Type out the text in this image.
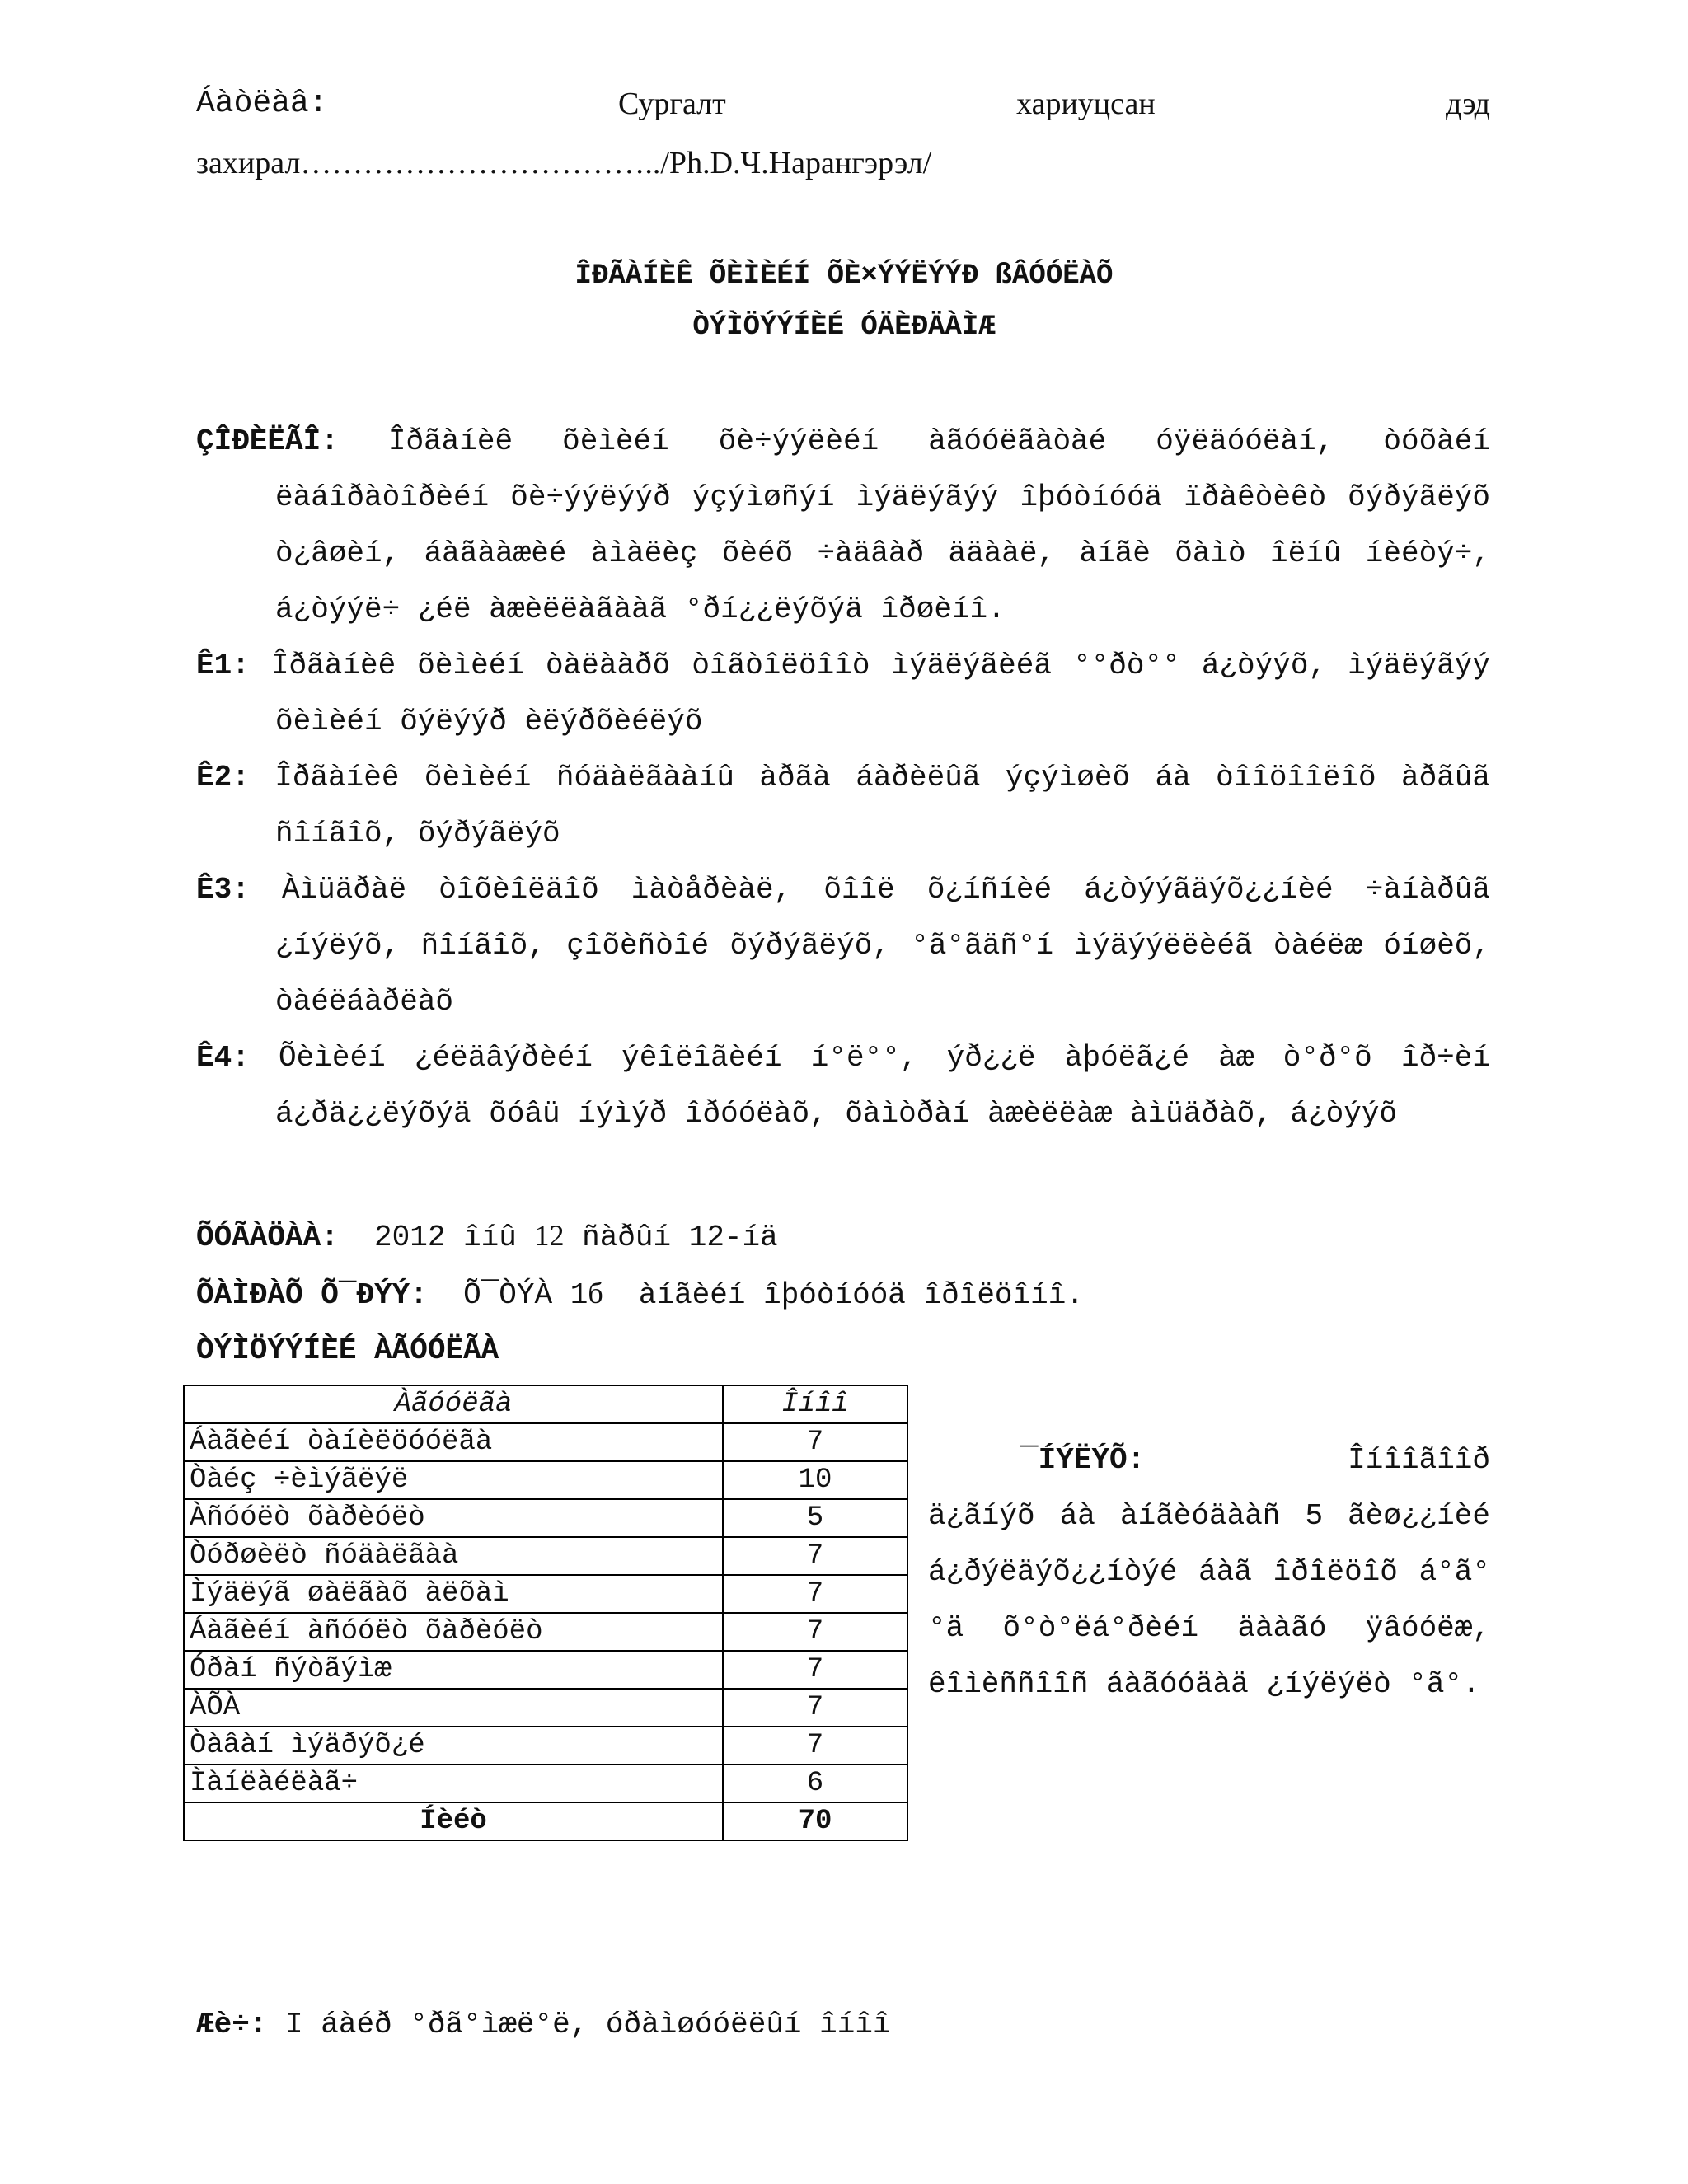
Áàòëàâ:	Сургалт	хариуцсан	дэд
захирал……………………………../Ph.D.Ч.Нарангэрэл/
ÎÐÃÀÍÈÊ ÕÈÌÈÉÍ ÕÈ×ÝÝËÝÝÐ ßÂÓÓËÀÕ
ÒÝÌÖÝÝÍÈÉ ÓÄÈÐÄÀÌÆ
ÇÎÐÈËÃÎ: Îðãàíèê õèìèéí õè÷ýýëèéí àãóóëãàòàé óÿëäóóëàí, òóõàéí ëàáîðàòîðèéí õè÷ýýëýýð ýçýìøñýí ìýäëýãýý îþóòíóóä ïðàêòèêò õýðýãëýõ ò¿âøèí, áàãààæèé àìàëèç õèéõ ÷àäâàð ääààë, àíãè õàìò îëíû íèéòý÷, á¿òýýë÷ ¿éë àæèëëàãààã °ðí¿¿ëýõýä îðøèíî.
Ê1: Îðãàíèê õèìèéí òàëààðõ òîãòîëöîîò ìýäëýãèéã °°ðò°° á¿òýýõ, ìýäëýãýý õèìèéí õýëýýð èëýðõèéëýõ
Ê2: Îðãàíèê õèìèéí ñóäàëãààíû àðãà áàðèëûã ýçýìøèõ áà òîîöîîëîõ àðãûã ñîíãîõ, õýðýãëýõ
Ê3: Àìüäðàë òîõèîëäîõ ìàòåðèàë, õîîë õ¿íñíèé á¿òýýãäýõ¿¿íèé ÷àíàðûã ¿íýëýõ, ñîíãîõ, çîõèñòîé õýðýãëýõ, °ã°ãäñ°í ìýäýýëëèéã òàéëæ óíøèõ, òàéëáàðëàõ
Ê4: Õèìèéí ¿éëäâýðèéí ýêîëîãèéí í°ë°°, ýð¿¿ë àþóëã¿é àæ ò°ð°õ îð÷èí á¿ðä¿¿ëýõýä õóâü íýìýð îðóóëàõ, õàìòðàí àæèëëàæ àìüäðàõ, á¿òýýõ
ÕÓÃÀÖÀÀ: 2012 îíû 12 ñàðûí 12-íä
ÕÀÌÐÀÕ Õ¯ÐÝÝ: Õ¯ÒÝÀ 1б àíãèéí îþóòíóóä îðîëöîíî.
ÒÝÌÖÝÝÍÈÉ ÀÃÓÓËÃÀ
Àãóóëãà	Îíîî
Áàãèéí òàíèëöóóëãà	7
Òàéç ÷èìýãëýë	10
Àñóóëò õàðèóëò	5
Òóðøèëò ñóäàëãàà	7
Ìýäëýã øàëãàõ àëõàì	7
Áàãèéí àñóóëò õàðèóëò	7
Óðàí ñýòãýìæ	7
ÀÕÀ	7
Òàâàí ìýäðýõ¿é	7
Ìàíëàéëàã÷	6
Íèéò	70
¯ÍÝËÝÕ:	Îíîîãîîð
ä¿ãíýõ áà àíãèóäààñ 5 ãèø¿¿íèé á¿ðýëäýõ¿¿íòýé áàã îðîëöîõ á°ã°°ä õ°ò°ëá°ðèéí äààãó ÿâóóëæ, êîìèññîîñ áàãóóäàä ¿íýëýëò °ã°.
Æè÷: I áàéð °ðã°ìæë°ë, óðàìøóóëëûí îíîî
